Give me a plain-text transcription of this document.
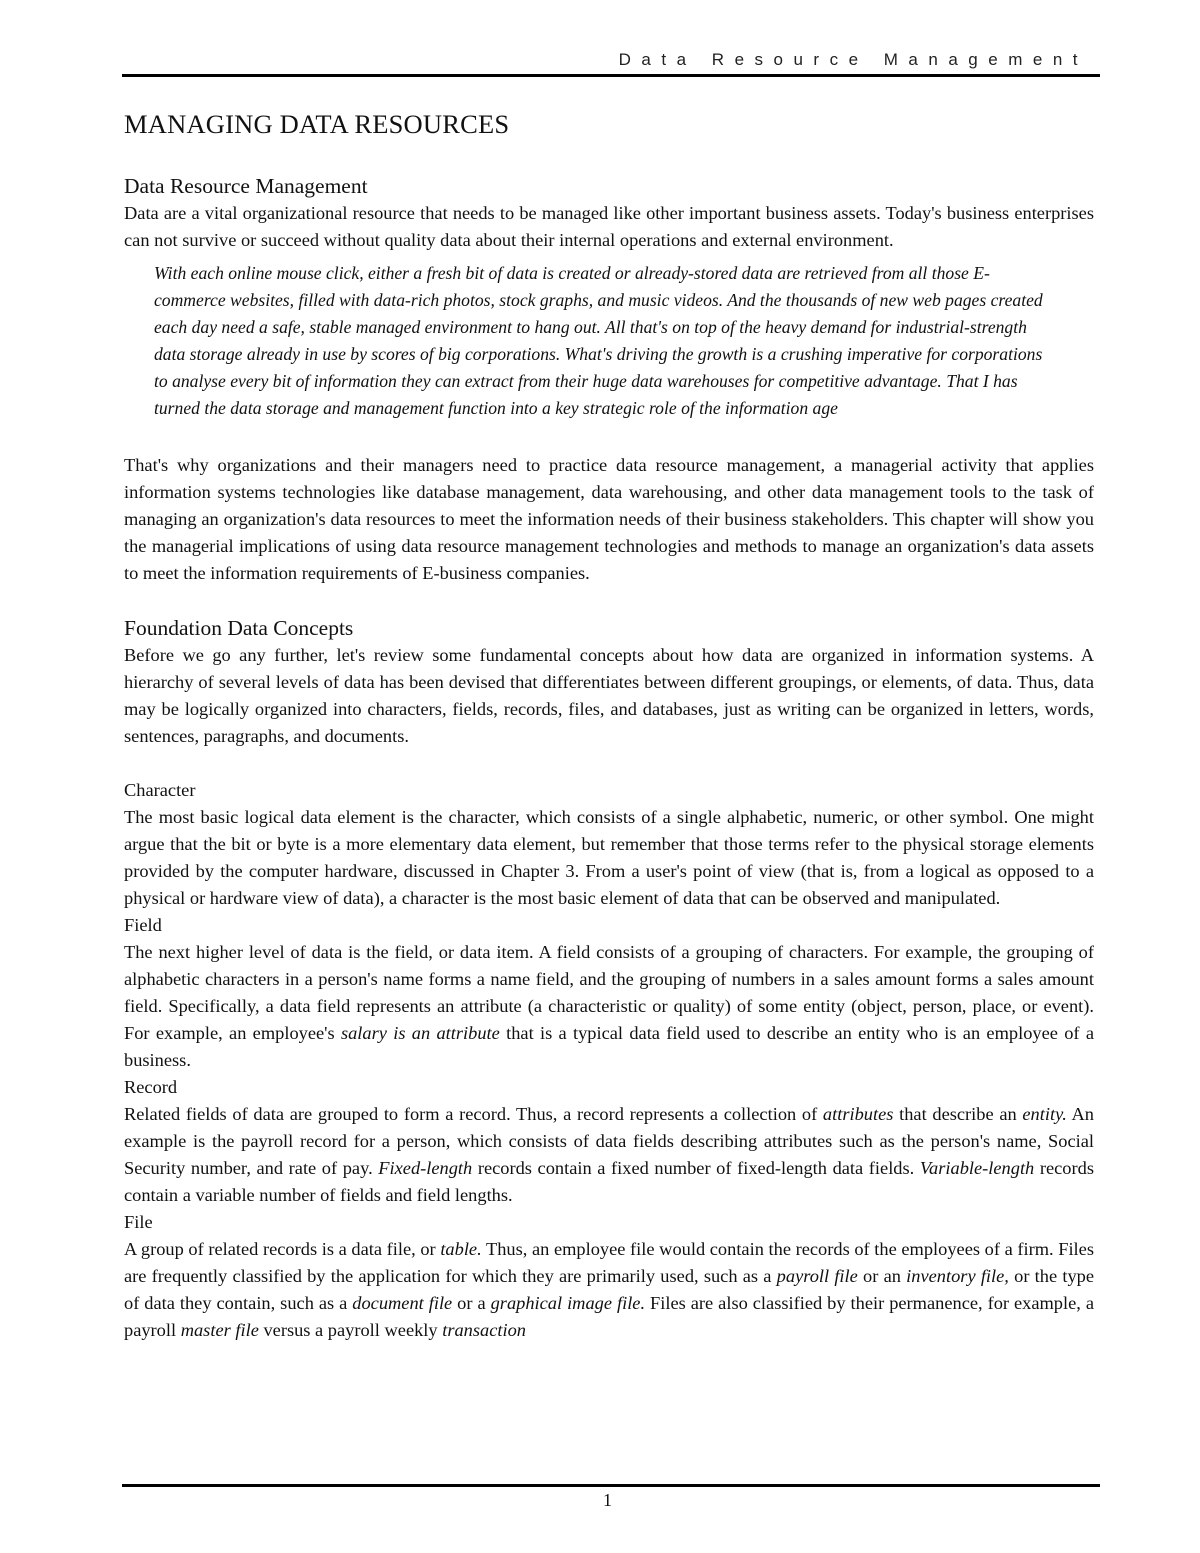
Data Resource Management
MANAGING DATA RESOURCES
Data Resource Management

Data are a vital organizational resource that needs to be managed like other important business assets. Today's business enterprises can not survive or succeed without quality data about their internal operations and external environment.

With each online mouse click, either a fresh bit of data is created or already-stored data are retrieved from all those E-commerce websites, filled with data-rich photos, stock graphs, and music videos. And the thousands of new web pages created each day need a safe, stable managed environment to hang out. All that's on top of the heavy demand for industrial-strength data storage already in use by scores of big corporations. What's driving the growth is a crushing imperative for corporations to analyse every bit of information they can extract from their huge data warehouses for competitive advantage. That I has turned the data storage and management function into a key strategic role of the information age

That's why organizations and their managers need to practice data resource management, a managerial activity that applies information systems technologies like database management, data warehousing, and other data management tools to the task of managing an organization's data resources to meet the information needs of their business stakeholders. This chapter will show you the managerial implications of using data resource management technologies and methods to manage an organization's data assets to meet the information requirements of E-business companies.

Foundation Data Concepts

Before we go any further, let's review some fundamental concepts about how data are organized in information systems. A hierarchy of several levels of data has been devised that differentiates between different groupings, or elements, of data. Thus, data may be logically organized into characters, fields, records, files, and databases, just as writing can be organized in letters, words, sentences, paragraphs, and documents.

Character

The most basic logical data element is the character, which consists of a single alphabetic, numeric, or other symbol. One might argue that the bit or byte is a more elementary data element, but remember that those terms refer to the physical storage elements provided by the computer hardware, discussed in Chapter 3. From a user's point of view (that is, from a logical as opposed to a physical or hardware view of data), a character is the most basic element of data that can be observed and manipulated.

Field

The next higher level of data is the field, or data item. A field consists of a grouping of characters. For example, the grouping of alphabetic characters in a person's name forms a name field, and the grouping of numbers in a sales amount forms a sales amount field. Specifically, a data field represents an attribute (a characteristic or quality) of some entity (object, person, place, or event). For example, an employee's salary is an attribute that is a typical data field used to describe an entity who is an employee of a business.

Record

Related fields of data are grouped to form a record. Thus, a record represents a collection of attributes that describe an entity. An example is the payroll record for a person, which consists of data fields describing attributes such as the person's name, Social Security number, and rate of pay. Fixed-length records contain a fixed number of fixed-length data fields. Variable-length records contain a variable number of fields and field lengths.

File

A group of related records is a data file, or table. Thus, an employee file would contain the records of the employees of a firm. Files are frequently classified by the application for which they are primarily used, such as a payroll file or an inventory file, or the type of data they contain, such as a document file or a graphical image file. Files are also classified by their permanence, for example, a payroll master file versus a payroll weekly transaction

1
